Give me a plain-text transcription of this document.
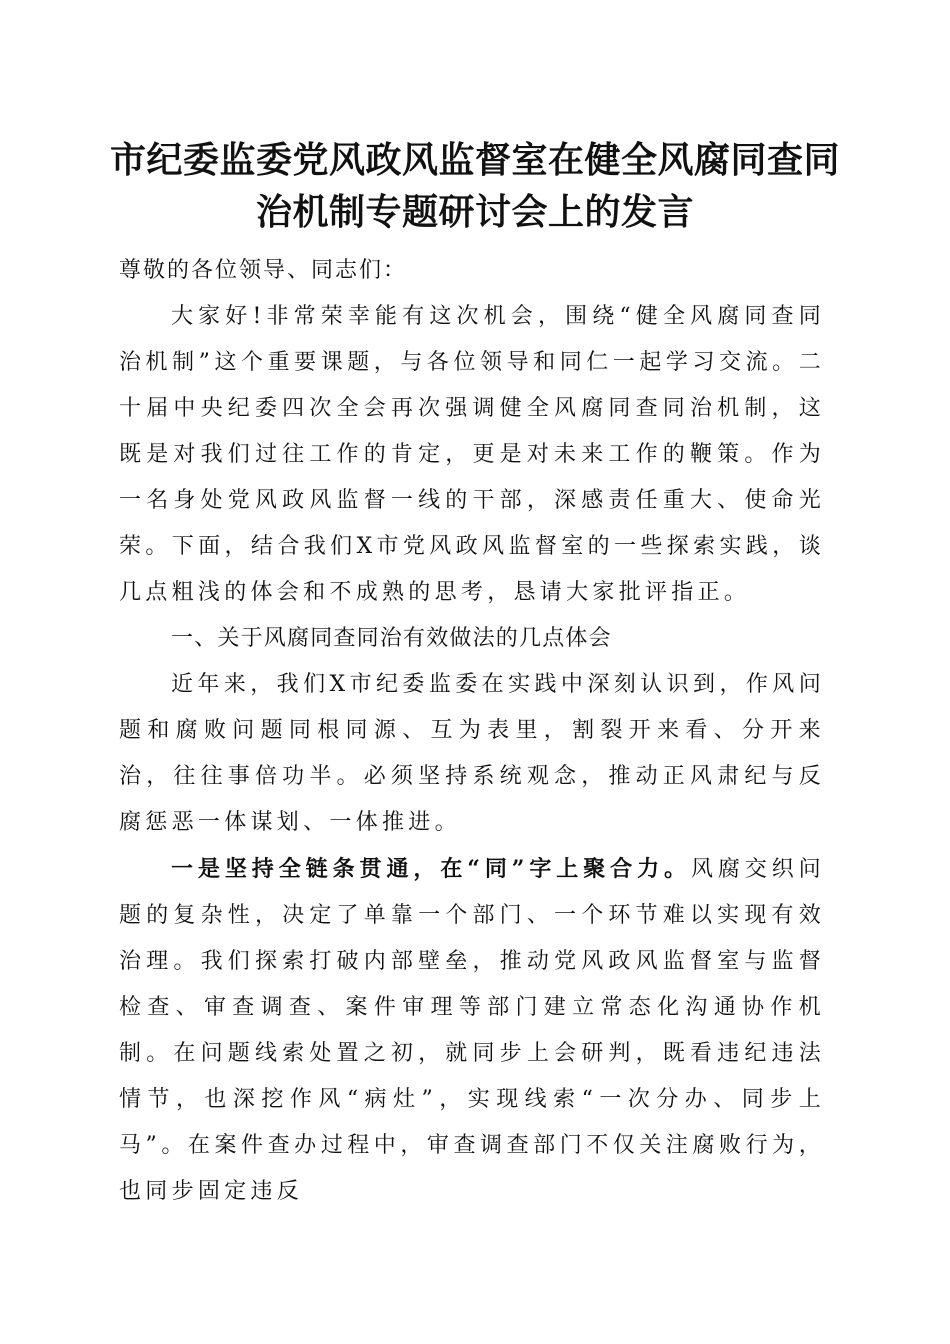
市纪委监委党风政风监督室在健全风腐同查同
治机制专题研讨会上的发言

尊敬的各位领导、同志们：

大家好!非常荣幸能有这次机会，围绕“健全风腐同查同治机制”这个重要课题，与各位领导和同仁一起学习交流。二十届中央纪委四次全会再次强调健全风腐同查同治机制，这既是对我们过往工作的肯定，更是对未来工作的鞭策。作为一名身处党风政风监督一线的干部，深感责任重大、使命光荣。下面，结合我们X市党风政风监督室的一些探索实践，谈几点粗浅的体会和不成熟的思考，恳请大家批评指正。

一、关于风腐同查同治有效做法的几点体会

近年来，我们X市纪委监委在实践中深刻认识到，作风问题和腐败问题同根同源、互为表里，割裂开来看、分开来治，往往事倍功半。必须坚持系统观念，推动正风肃纪与反腐惩恶一体谋划、一体推进。

一是坚持全链条贯通，在“同”字上聚合力。风腐交织问题的复杂性，决定了单靠一个部门、一个环节难以实现有效治理。我们探索打破内部壁垒，推动党风政风监督室与监督检查、审查调查、案件审理等部门建立常态化沟通协作机制。在问题线索处置之初，就同步上会研判，既看违纪违法情节，也深挖作风“病灶”，实现线索“一次分办、同步上马”。在案件查办过程中，审查调查部门不仅关注腐败行为，也同步固定违反
